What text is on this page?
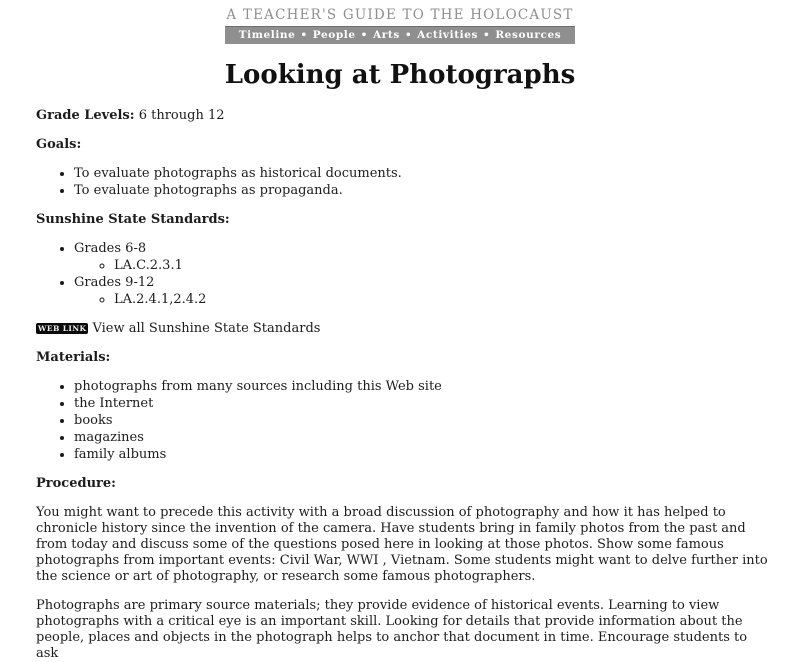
A TEACHER'S GUIDE TO THE HOLOCAUST
Timeline • People • Arts • Activities • Resources
Looking at Photographs

Grade Levels: 6 through 12

Goals:

• To evaluate photographs as historical documents.
• To evaluate photographs as propaganda.

Sunshine State Standards:

• Grades 6-8
◦ LA.C.2.3.1
• Grades 9-12
◦ LA.2.4.1,2.4.2

WEB LINK View all Sunshine State Standards

Materials:

• photographs from many sources including this Web site
• the Internet
• books
• magazines
• family albums

Procedure:

You might want to precede this activity with a broad discussion of photography and how it has helped to chronicle history since the invention of the camera. Have students bring in family photos from the past and from today and discuss some of the questions posed here in looking at those photos. Show some famous photographs from important events: Civil War, WWI , Vietnam. Some students might want to delve further into the science or art of photography, or research some famous photographers.

Photographs are primary source materials; they provide evidence of historical events. Learning to view photographs with a critical eye is an important skill. Looking for details that provide information about the people, places and objects in the photograph helps to anchor that document in time. Encourage students to ask
